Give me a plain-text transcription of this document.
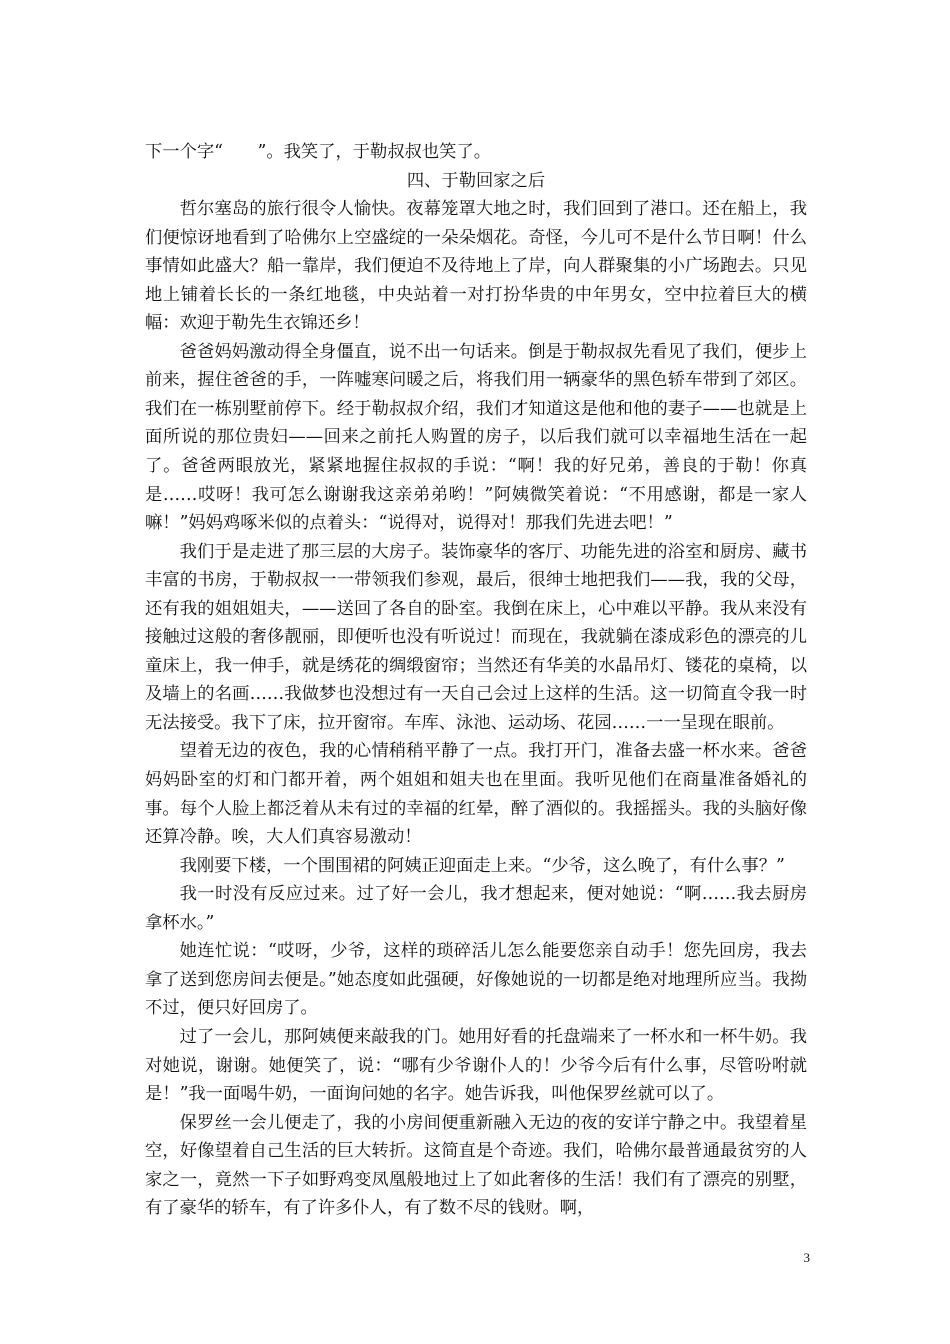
下一个字“　　”。我笑了，于勒叔叔也笑了。

四、于勒回家之后

哲尔塞岛的旅行很令人愉快。夜幕笼罩大地之时，我们回到了港口。还在船上，我们便惊讶地看到了哈佛尔上空盛绽的一朵朵烟花。奇怪，今儿可不是什么节日啊！什么事情如此盛大？船一靠岸，我们便迫不及待地上了岸，向人群聚集的小广场跑去。只见地上铺着长长的一条红地毯，中央站着一对打扮华贵的中年男女，空中拉着巨大的横幅：欢迎于勒先生衣锦还乡！

爸爸妈妈激动得全身僵直，说不出一句话来。倒是于勒叔叔先看见了我们，便步上前来，握住爸爸的手，一阵嘘寒问暖之后，将我们用一辆豪华的黑色轿车带到了郊区。我们在一栋别墅前停下。经于勒叔叔介绍，我们才知道这是他和他的妻子——也就是上面所说的那位贵妇——回来之前托人购置的房子，以后我们就可以幸福地生活在一起了。爸爸两眼放光，紧紧地握住叔叔的手说：“啊！我的好兄弟，善良的于勒！你真是……哎呀！我可怎么谢谢我这亲弟弟哟！”阿姨微笑着说：“不用感谢，都是一家人嘛！”妈妈鸡啄米似的点着头：“说得对，说得对！那我们先进去吧！”

我们于是走进了那三层的大房子。装饰豪华的客厅、功能先进的浴室和厨房、藏书丰富的书房，于勒叔叔一一带领我们参观，最后，很绅士地把我们——我，我的父母，还有我的姐姐姐夫，——送回了各自的卧室。我倒在床上，心中难以平静。我从来没有接触过这般的奢侈靓丽，即便听也没有听说过！而现在，我就躺在漆成彩色的漂亮的儿童床上，我一伸手，就是绣花的绸缎窗帘；当然还有华美的水晶吊灯、镂花的桌椅，以及墙上的名画……我做梦也没想过有一天自己会过上这样的生活。这一切简直令我一时无法接受。我下了床，拉开窗帘。车库、泳池、运动场、花园……一一呈现在眼前。

望着无边的夜色，我的心情稍稍平静了一点。我打开门，准备去盛一杯水来。爸爸妈妈卧室的灯和门都开着，两个姐姐和姐夫也在里面。我听见他们在商量准备婚礼的事。每个人脸上都泛着从未有过的幸福的红晕，醉了酒似的。我摇摇头。我的头脑好像还算冷静。唉，大人们真容易激动！

我刚要下楼，一个围围裙的阿姨正迎面走上来。“少爷，这么晚了，有什么事？”

我一时没有反应过来。过了好一会儿，我才想起来，便对她说：“啊……我去厨房拿杯水。”

她连忙说：“哎呀，少爷，这样的琐碎活儿怎么能要您亲自动手！您先回房，我去拿了送到您房间去便是。”她态度如此强硬，好像她说的一切都是绝对地理所应当。我拗不过，便只好回房了。

过了一会儿，那阿姨便来敲我的门。她用好看的托盘端来了一杯水和一杯牛奶。我对她说，谢谢。她便笑了，说：“哪有少爷谢仆人的！少爷今后有什么事，尽管吩咐就是！”我一面喝牛奶，一面询问她的名字。她告诉我，叫他保罗丝就可以了。

保罗丝一会儿便走了，我的小房间便重新融入无边的夜的安详宁静之中。我望着星空，好像望着自己生活的巨大转折。这简直是个奇迹。我们，哈佛尔最普通最贫穷的人家之一，竟然一下子如野鸡变凤凰般地过上了如此奢侈的生活！我们有了漂亮的别墅，有了豪华的轿车，有了许多仆人，有了数不尽的钱财。啊，

3
